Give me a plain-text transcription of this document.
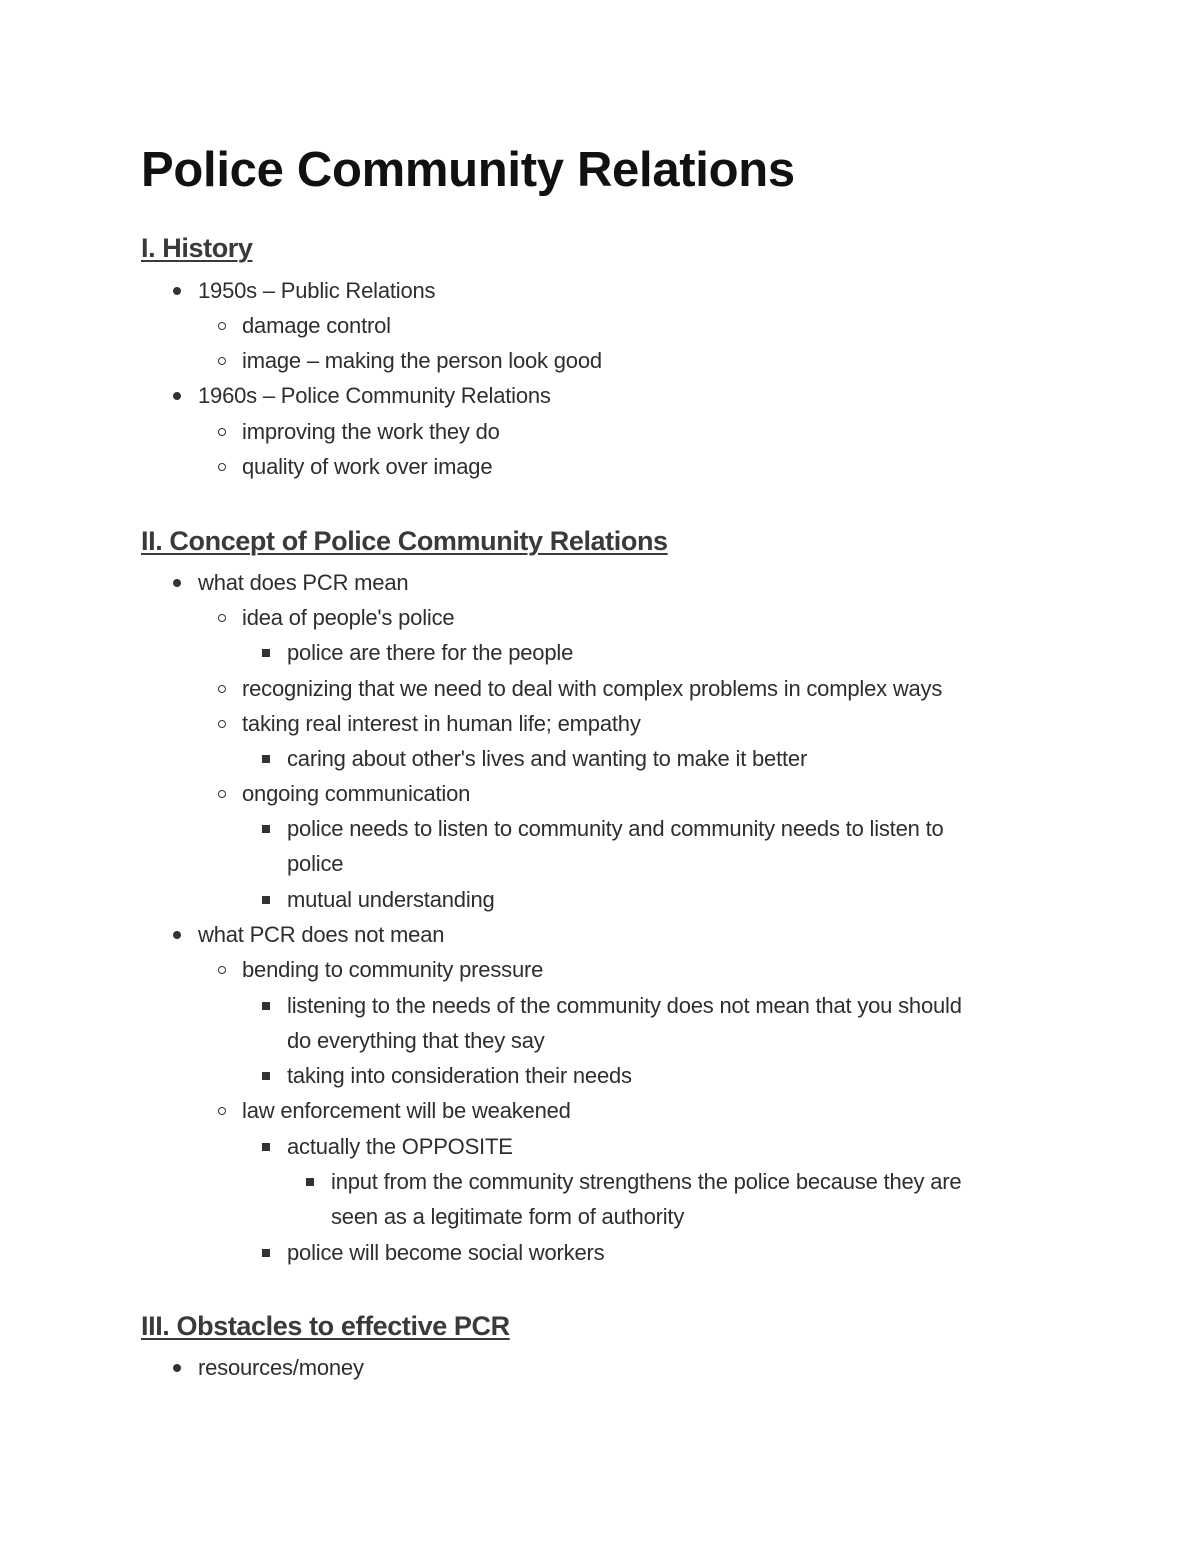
Police Community Relations
I. History
1950s – Public Relations
damage control
image – making the person look good
1960s – Police Community Relations
improving the work they do
quality of work over image
II. Concept of Police Community Relations
what does PCR mean
idea of people's police
police are there for the people
recognizing that we need to deal with complex problems in complex ways
taking real interest in human life; empathy
caring about other's lives and wanting to make it better
ongoing communication
police needs to listen to community and community needs to listen to
police
mutual understanding
what PCR does not mean
bending to community pressure
listening to the needs of the community does not mean that you should
do everything that they say
taking into consideration their needs
law enforcement will be weakened
actually the OPPOSITE
input from the community strengthens the police because they are
seen as a legitimate form of authority
police will become social workers
III. Obstacles to effective PCR
resources/money
